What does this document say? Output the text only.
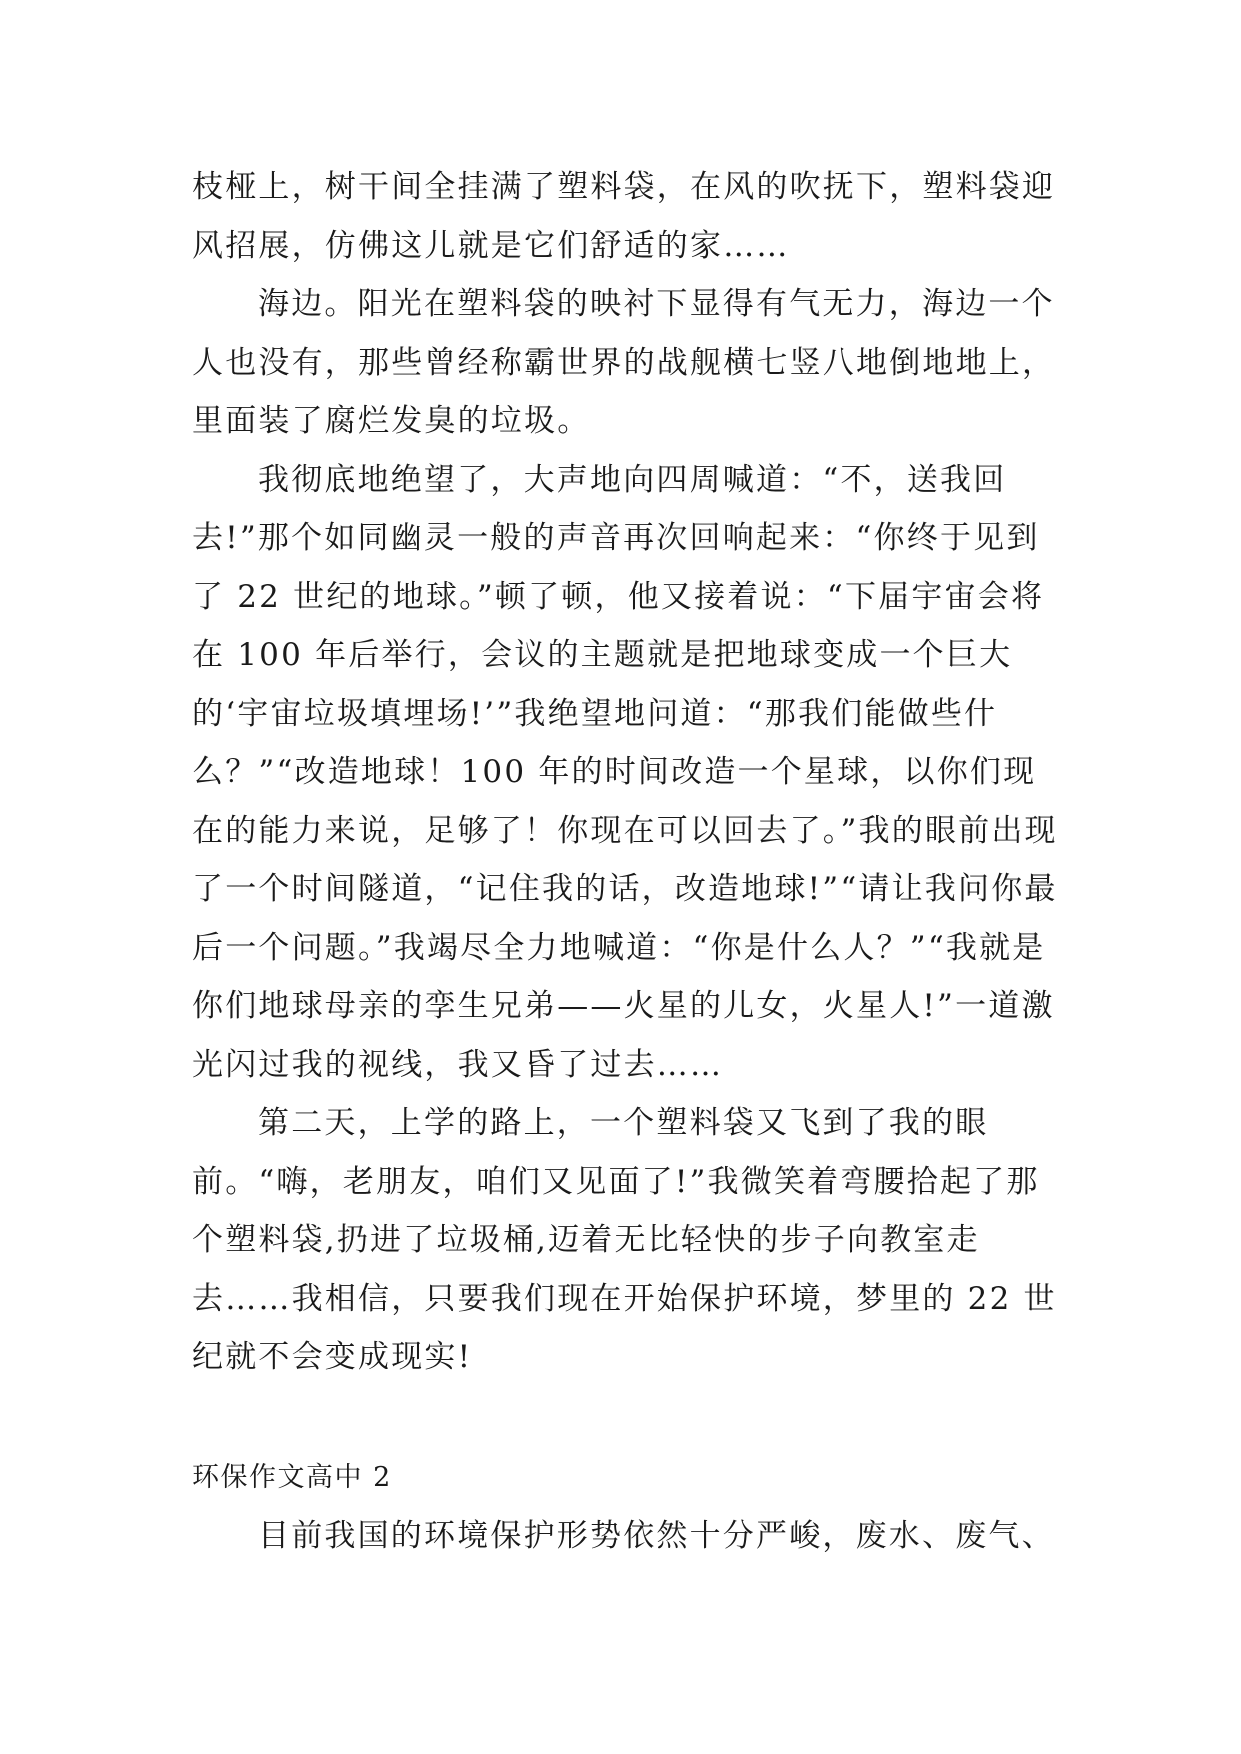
枝桠上，树干间全挂满了塑料袋，在风的吹抚下，塑料袋迎风招展，仿佛这儿就是它们舒适的家……

海边。阳光在塑料袋的映衬下显得有气无力，海边一个人也没有，那些曾经称霸世界的战舰横七竖八地倒地地上，里面装了腐烂发臭的垃圾。

我彻底地绝望了，大声地向四周喊道：“不，送我回去!”那个如同幽灵一般的声音再次回响起来：“你终于见到了 22 世纪的地球。”顿了顿，他又接着说：“下届宇宙会将在 100 年后举行，会议的主题就是把地球变成一个巨大的‘宇宙垃圾填埋场!’”我绝望地问道：“那我们能做些什么？”“改造地球！100 年的时间改造一个星球，以你们现在的能力来说，足够了！你现在可以回去了。”我的眼前出现了一个时间隧道，“记住我的话，改造地球!”“请让我问你最后一个问题。”我竭尽全力地喊道：“你是什么人？”“我就是你们地球母亲的孪生兄弟——火星的儿女，火星人!”一道激光闪过我的视线，我又昏了过去……

第二天，上学的路上，一个塑料袋又飞到了我的眼前。“嗨，老朋友，咱们又见面了!”我微笑着弯腰拾起了那个塑料袋,扔进了垃圾桶,迈着无比轻快的步子向教室走去……我相信，只要我们现在开始保护环境，梦里的 22 世纪就不会变成现实!

环保作文高中 2

目前我国的环境保护形势依然十分严峻，废水、废气、
